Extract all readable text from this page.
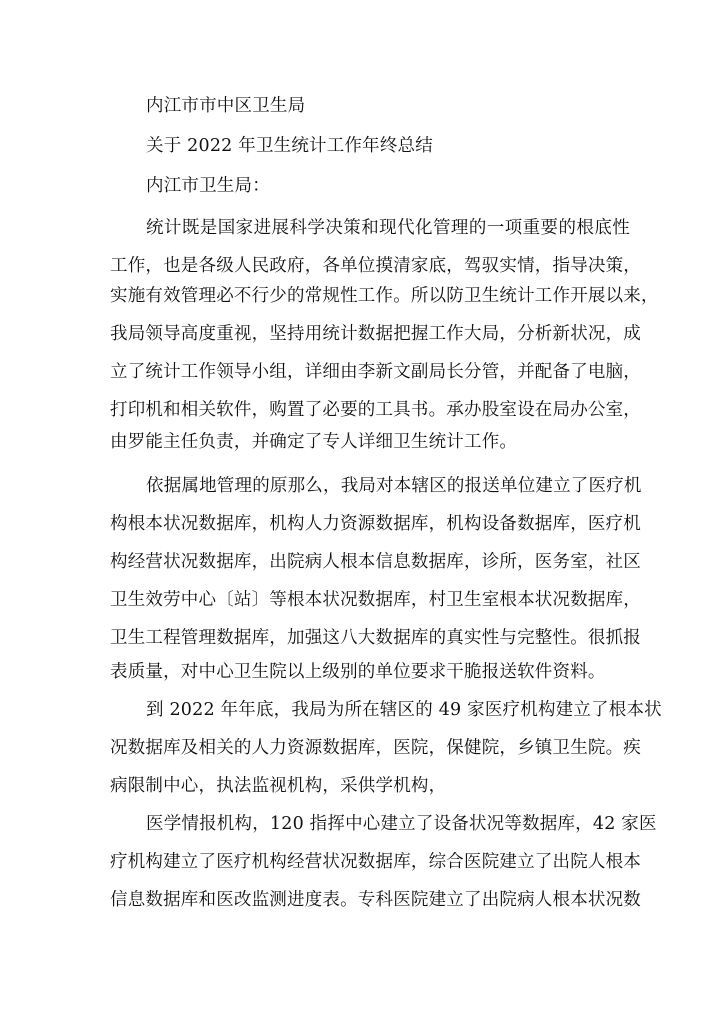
内江市市中区卫生局
关于 2022 年卫生统计工作年终总结
内江市卫生局：
统计既是国家进展科学决策和现代化管理的一项重要的根底性
工作，也是各级人民政府，各单位摸清家底，驾驭实情，指导决策，
实施有效管理必不行少的常规性工作。所以防卫生统计工作开展以来，
我局领导高度重视，坚持用统计数据把握工作大局，分析新状况，成
立了统计工作领导小组，详细由李新文副局长分管，并配备了电脑，
打印机和相关软件，购置了必要的工具书。承办股室设在局办公室，
由罗能主任负责，并确定了专人详细卫生统计工作。
依据属地管理的原那么，我局对本辖区的报送单位建立了医疗机
构根本状况数据库，机构人力资源数据库，机构设备数据库，医疗机
构经营状况数据库，出院病人根本信息数据库，诊所，医务室，社区
卫生效劳中心〔站〕等根本状况数据库，村卫生室根本状况数据库，
卫生工程管理数据库，加强这八大数据库的真实性与完整性。很抓报
表质量，对中心卫生院以上级别的单位要求干脆报送软件资料。
到 2022 年年底，我局为所在辖区的 49 家医疗机构建立了根本状
况数据库及相关的人力资源数据库，医院，保健院，乡镇卫生院。疾
病限制中心，执法监视机构，采供学机构，
医学情报机构，120 指挥中心建立了设备状况等数据库，42 家医
疗机构建立了医疗机构经营状况数据库，综合医院建立了出院人根本
信息数据库和医改监测进度表。专科医院建立了出院病人根本状况数
